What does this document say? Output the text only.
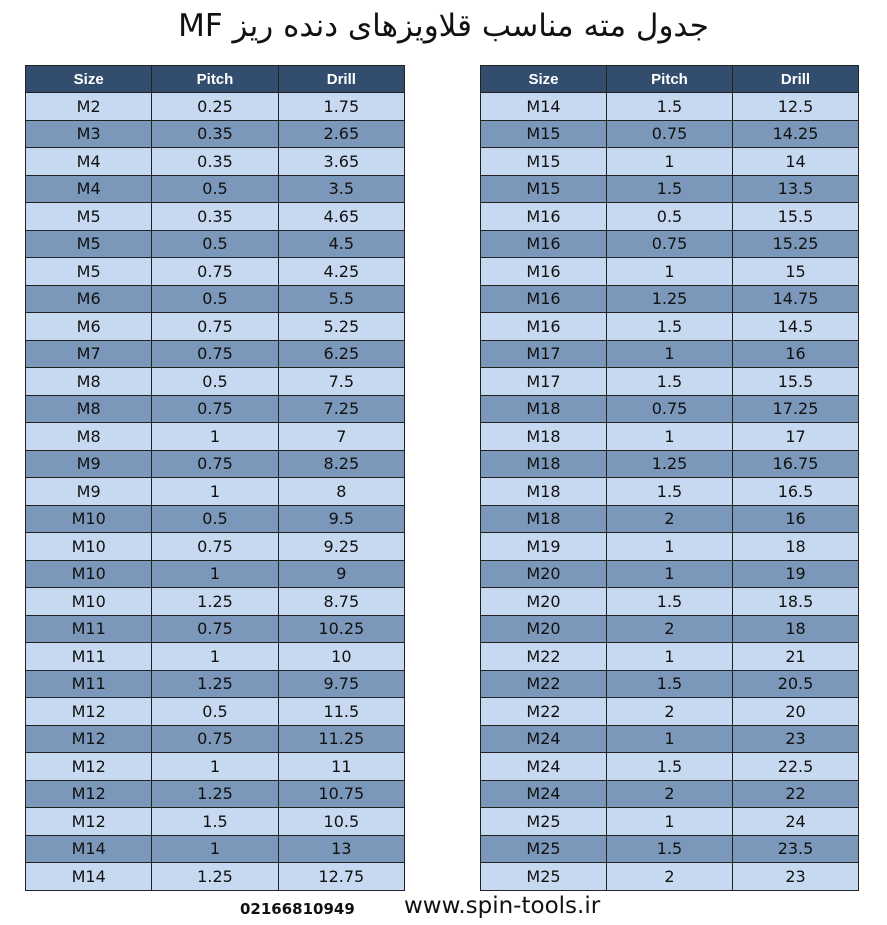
جدول مته مناسب قلاویزهای دنده ریز MF
Size	Pitch	Drill
M2	0.25	1.75
M3	0.35	2.65
M4	0.35	3.65
M4	0.5	3.5
M5	0.35	4.65
M5	0.5	4.5
M5	0.75	4.25
M6	0.5	5.5
M6	0.75	5.25
M7	0.75	6.25
M8	0.5	7.5
M8	0.75	7.25
M8	1	7
M9	0.75	8.25
M9	1	8
M10	0.5	9.5
M10	0.75	9.25
M10	1	9
M10	1.25	8.75
M11	0.75	10.25
M11	1	10
M11	1.25	9.75
M12	0.5	11.5
M12	0.75	11.25
M12	1	11
M12	1.25	10.75
M12	1.5	10.5
M14	1	13
M14	1.25	12.75
Size	Pitch	Drill
M14	1.5	12.5
M15	0.75	14.25
M15	1	14
M15	1.5	13.5
M16	0.5	15.5
M16	0.75	15.25
M16	1	15
M16	1.25	14.75
M16	1.5	14.5
M17	1	16
M17	1.5	15.5
M18	0.75	17.25
M18	1	17
M18	1.25	16.75
M18	1.5	16.5
M18	2	16
M19	1	18
M20	1	19
M20	1.5	18.5
M20	2	18
M22	1	21
M22	1.5	20.5
M22	2	20
M24	1	23
M24	1.5	22.5
M24	2	22
M25	1	24
M25	1.5	23.5
M25	2	23
02166810949 www.spin-tools.ir
